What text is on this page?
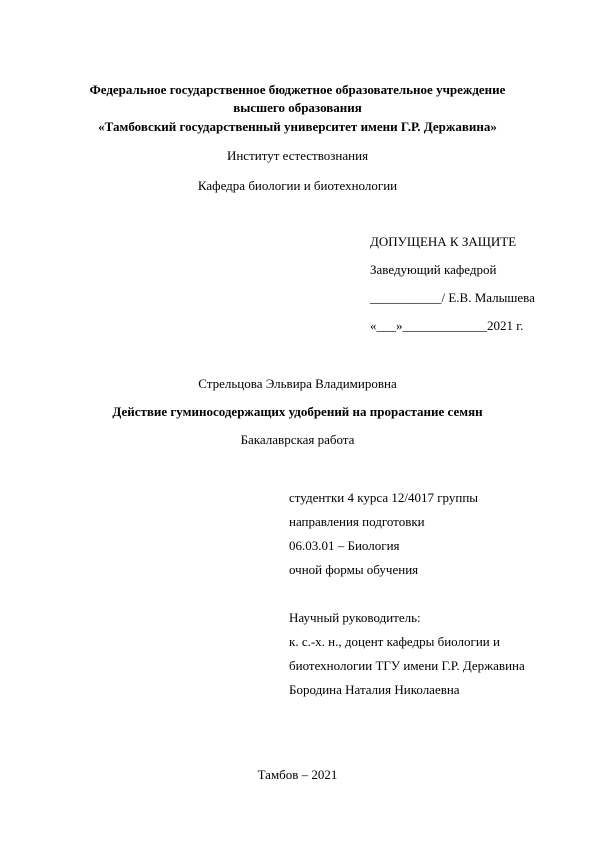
Федеральное государственное бюджетное образовательное учреждение
высшего образования
«Тамбовский государственный университет имени Г.Р. Державина»
Институт естествознания
Кафедра биологии и биотехнологии
ДОПУЩЕНА К ЗАЩИТЕ
Заведующий кафедрой
___________/ Е.В. Малышева
«___»_____________2021 г.
Стрельцова Эльвира Владимировна
Действие гуминосодержащих удобрений на прорастание семян
Бакалаврская работа
студентки 4 курса 12/4017 группы
направления подготовки
06.03.01 – Биология
очной формы обучения
Научный руководитель:
к. с.-х. н., доцент кафедры биологии и
биотехнологии ТГУ имени Г.Р. Державина
Бородина Наталия Николаевна
Тамбов – 2021
